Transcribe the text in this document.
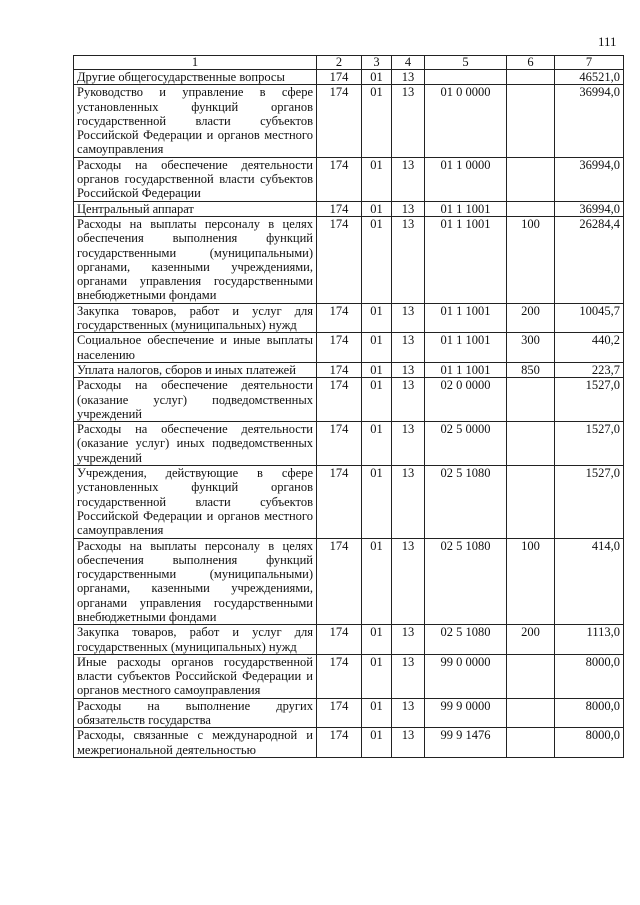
111
1	2	3	4	5	6	7
Другие общегосударственные вопросы	174	01	13			46521,0
Руководство и управление в сфере установленных функций органов государственной власти субъектов Российской Федерации и органов местного самоуправления	174	01	13	01 0 0000		36994,0
Расходы на обеспечение деятельности органов государственной власти субъектов Российской Федерации	174	01	13	01 1 0000		36994,0
Центральный аппарат	174	01	13	01 1 1001		36994,0
Расходы на выплаты персоналу в целях обеспечения выполнения функций государственными (муниципальными) органами, казенными учреждениями, органами управления государственными внебюджетными фондами	174	01	13	01 1 1001	100	26284,4
Закупка товаров, работ и услуг для государственных (муниципальных) нужд	174	01	13	01 1 1001	200	10045,7
Социальное обеспечение и иные выплаты населению	174	01	13	01 1 1001	300	440,2
Уплата налогов, сборов и иных платежей	174	01	13	01 1 1001	850	223,7
Расходы на обеспечение деятельности (оказание услуг) подведомственных учреждений	174	01	13	02 0 0000		1527,0
Расходы на обеспечение деятельности (оказание услуг) иных подведомственных учреждений	174	01	13	02 5 0000		1527,0
Учреждения, действующие в сфере установленных функций органов государственной власти субъектов Российской Федерации и органов местного самоуправления	174	01	13	02 5 1080		1527,0
Расходы на выплаты персоналу в целях обеспечения выполнения функций государственными (муниципальными) органами, казенными учреждениями, органами управления государственными внебюджетными фондами	174	01	13	02 5 1080	100	414,0
Закупка товаров, работ и услуг для государственных (муниципальных) нужд	174	01	13	02 5 1080	200	1113,0
Иные расходы органов государственной власти субъектов Российской Федерации и органов местного самоуправления	174	01	13	99 0 0000		8000,0
Расходы на выполнение других обязательств государства	174	01	13	99 9 0000		8000,0
Расходы, связанные с международной и межрегиональной деятельностью	174	01	13	99 9 1476		8000,0
